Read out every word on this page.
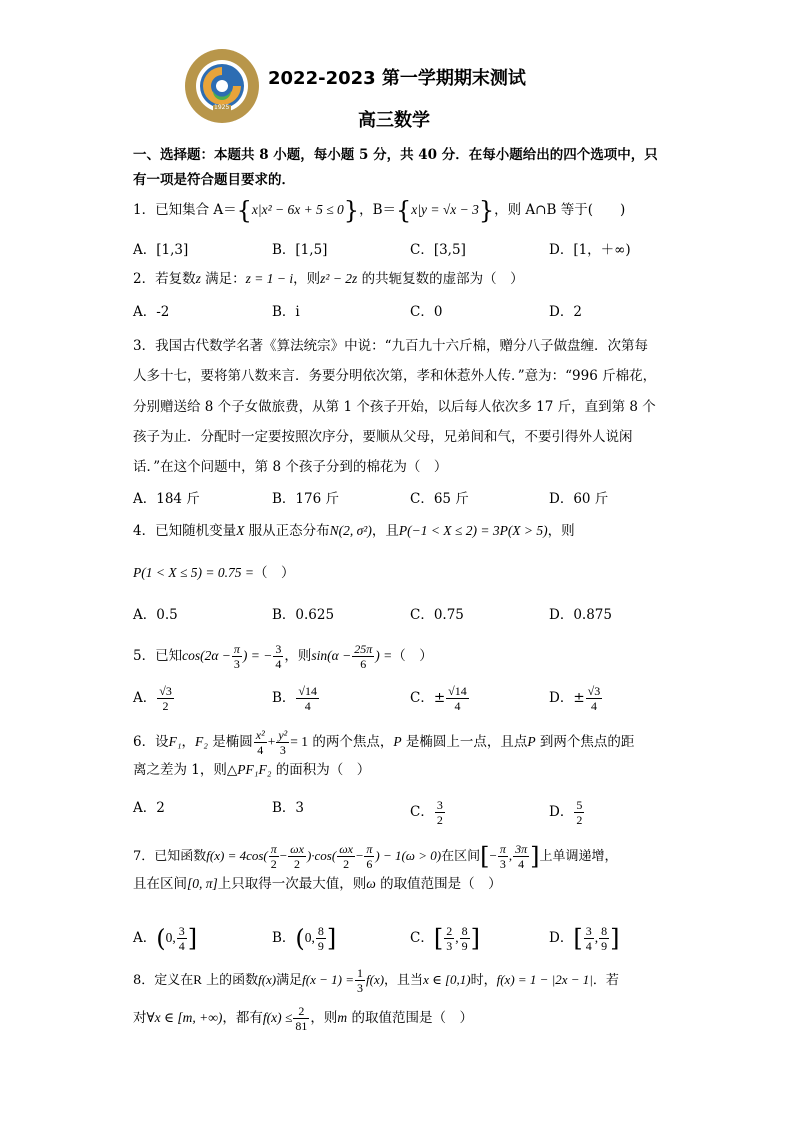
1925
2022-2023 第一学期期末测试
高三数学
一、选择题：本题共 8 小题，每小题 5 分，共 40 分．在每小题给出的四个选项中，只
有一项是符合题目要求的．
1．已知集合 A＝{x|x² − 6x + 5 ≤ 0}，B＝{x|y = √x − 3}，则 A∩B 等于(　　)
A．[1,3]	B．[1,5]	C．[3,5]	D．[1，＋∞)
2．若复数z 满足：z = 1 − i，则z² − 2z 的共轭复数的虚部为（　）
A．-2	B．i	C．0	D．2
3．我国古代数学名著《算法统宗》中说：“九百九十六斤棉，赠分八子做盘缠．次第每
人多十七，要将第八数来言．务要分明依次第，孝和休惹外人传．”意为：“996 斤棉花，
分别赠送给 8 个子女做旅费，从第 1 个孩子开始，以后每人依次多 17 斤，直到第 8 个
孩子为止．分配时一定要按照次序分，要顺从父母，兄弟间和气，不要引得外人说闲
话．”在这个问题中，第 8 个孩子分到的棉花为（　）
A．184 斤	B．176 斤	C．65 斤	D．60 斤
4．已知随机变量X 服从正态分布N(2, σ²)，且P(−1 < X ≤ 2) = 3P(X > 5)，则
P(1 < X ≤ 5) = 0.75 =（　）
A．0.5	B．0.625	C．0.75	D．0.875
5．已知$\cos(2\alpha - \frac{\pi}{3}$ ) = − $\frac{3}{4}$ ，则$\sin(\alpha - \frac{25\pi}{6}$ ) =（　）
A． $\frac{√3}{2}$	B． $\frac{√14}{4}$	C．± $\frac{√14}{4}$	D．± $\frac{√3}{4}$
6．设F₁，F₂ 是椭圆 $\frac{\text{x²}}{4} + \frac{\text{y²}}{3} = 1$ 的两个焦点，P 是椭圆上一点，且点P 到两个焦点的距
离之差为 1，则△PF₁F₂ 的面积为（　）
A．2	B．3	C． $\frac{3}{2}$	D． $\frac{5}{2}$
7．已知函数$f(x) = 4\cos( \frac{\pi}{2} - \frac{\omega x}{2} )\cdot\cos( \frac{\omega x}{2} - \frac{\pi}{6}$ ) − 1(ω > 0)在区间[− $\frac{\pi}{3}$ , $\frac{3\pi}{4}$ ]上单调递增，
且在区间[0, π]上只取得一次最大值，则ω 的取值范围是（　）
A．(0, $\frac{3}{4}$ ]	B．(0, $\frac{8}{9}$ ]	C．[ $\frac{2}{3}$ , $\frac{8}{9}$ ]	D．[ $\frac{3}{4}$ , $\frac{8}{9}$ ]
8．定义在R 上的函数f(x)满足$f(x - 1) = \frac{1}{3} f(x)$，且当x ∈ [0,1)时，f(x) = 1 − |2x − 1|．若
对∀x ∈ [m, +∞)，都有$f(x) \le \frac{2}{81}$ ，则m 的取值范围是（　）
